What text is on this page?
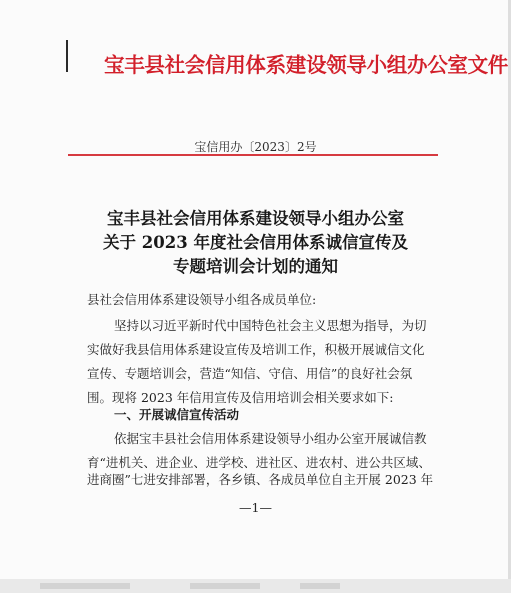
宝丰县社会信用体系建设领导小组办公室文件
宝信用办〔2023〕2号
宝丰县社会信用体系建设领导小组办公室
关于 2023 年度社会信用体系诚信宣传及
专题培训会计划的通知
县社会信用体系建设领导小组各成员单位:
坚持以习近平新时代中国特色社会主义思想为指导，为切
实做好我县信用体系建设宣传及培训工作，积极开展诚信文化
宣传、专题培训会，营造“知信、守信、用信”的良好社会氛
围。现将 2023 年信用宣传及信用培训会相关要求如下:
一、开展诚信宣传活动
依据宝丰县社会信用体系建设领导小组办公室开展诚信教
育“进机关、进企业、进学校、进社区、进农村、进公共区域、
进商圈”七进安排部署，各乡镇、各成员单位自主开展 2023 年
—1—
